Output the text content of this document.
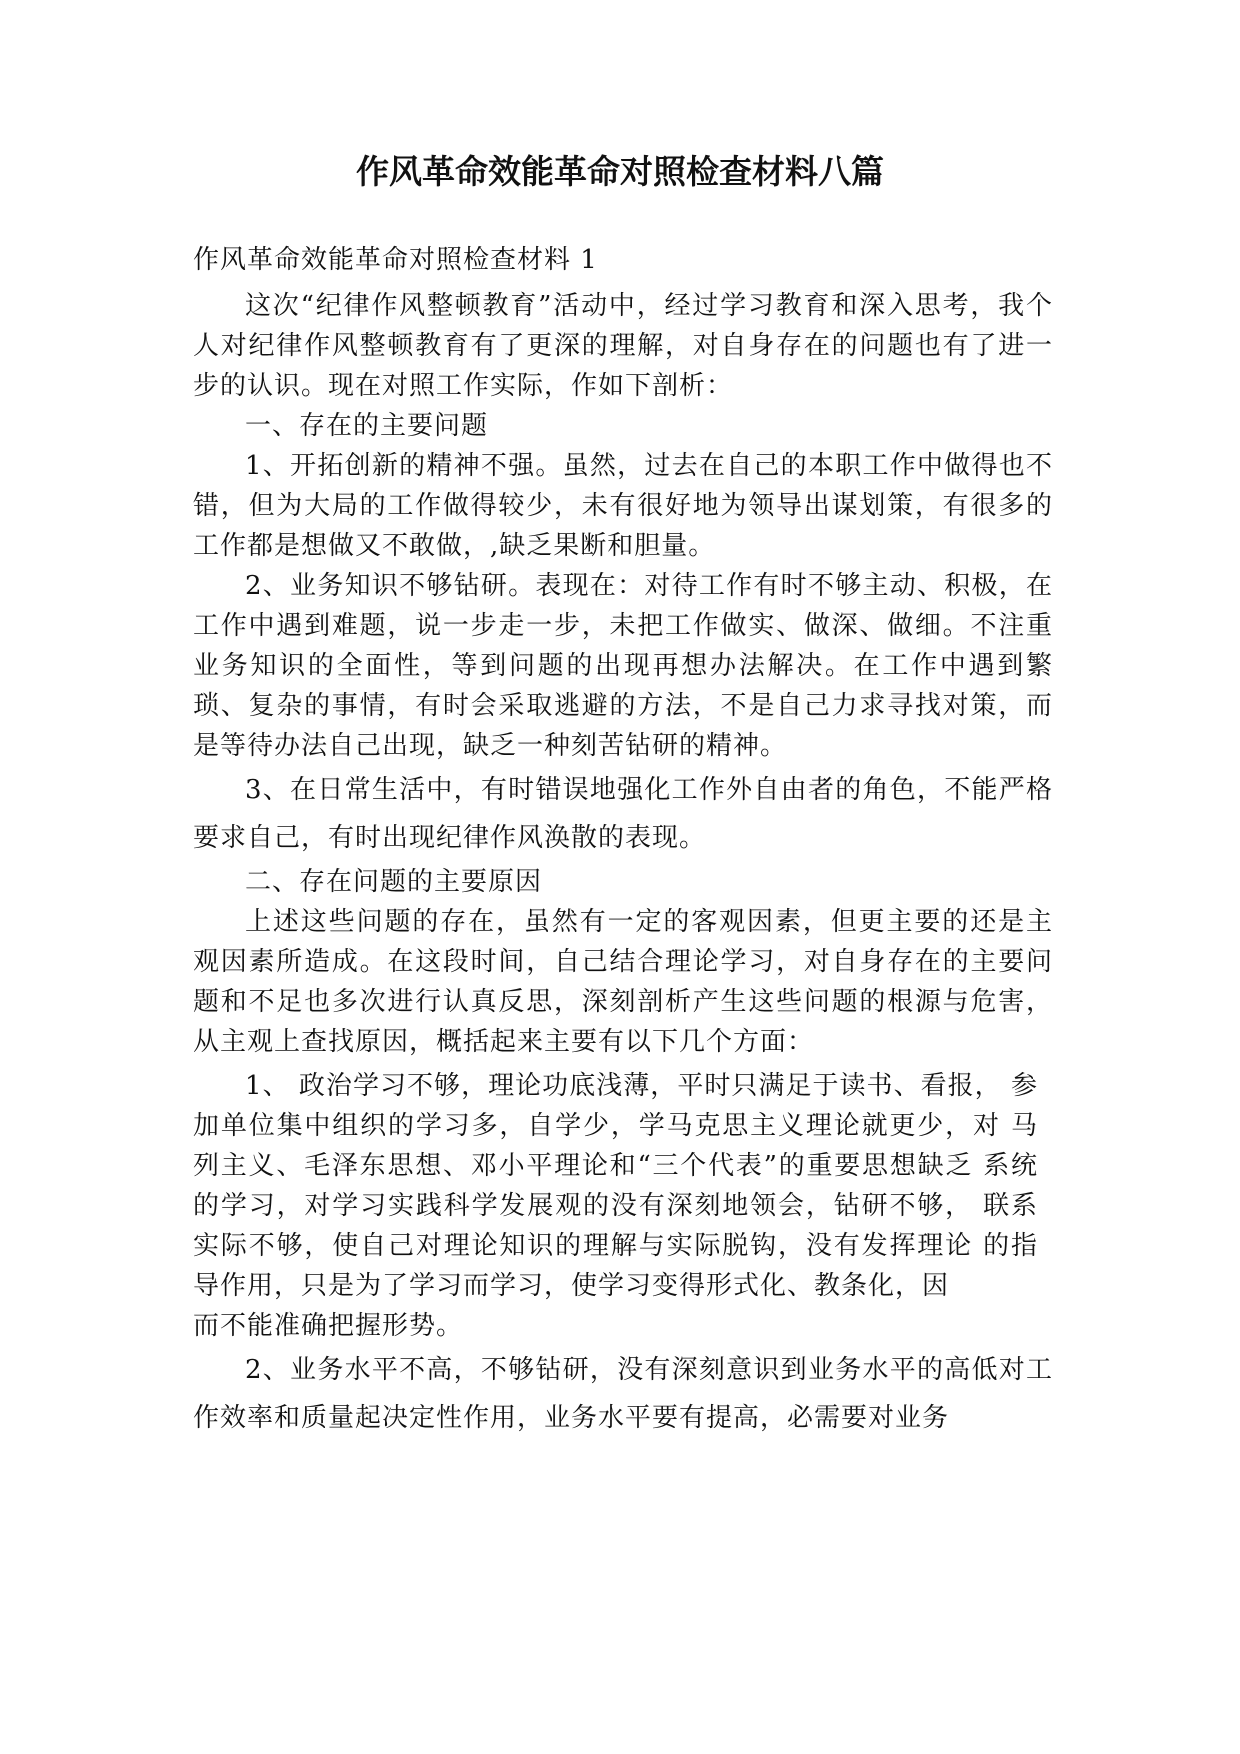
作风革命效能革命对照检查材料八篇

作风革命效能革命对照检查材料 1

这次“纪律作风整顿教育”活动中，经过学习教育和深入思考，我个人对纪律作风整顿教育有了更深的理解，对自身存在的问题也有了进一步的认识。现在对照工作实际，作如下剖析：

一、存在的主要问题

1、开拓创新的精神不强。虽然，过去在自己的本职工作中做得也不错，但为大局的工作做得较少，未有很好地为领导出谋划策，有很多的工作都是想做又不敢做，,缺乏果断和胆量。

2、业务知识不够钻研。表现在：对待工作有时不够主动、积极，在工作中遇到难题，说一步走一步，未把工作做实、做深、做细。不注重业务知识的全面性，等到问题的出现再想办法解决。在工作中遇到繁琐、复杂的事情，有时会采取逃避的方法，不是自己力求寻找对策，而是等待办法自己出现，缺乏一种刻苦钻研的精神。

3、在日常生活中，有时错误地强化工作外自由者的角色，不能严格要求自己，有时出现纪律作风涣散的表现。

二、存在问题的主要原因

上述这些问题的存在，虽然有一定的客观因素，但更主要的还是主观因素所造成。在这段时间，自己结合理论学习，对自身存在的主要问题和不足也多次进行认真反思，深刻剖析产生这些问题的根源与危害，从主观上查找原因，概括起来主要有以下几个方面：

1、 政治学习不够，理论功底浅薄，平时只满足于读书、看报， 参加单位集中组织的学习多，自学少，学马克思主义理论就更少，对 马列主义、毛泽东思想、邓小平理论和“三个代表”的重要思想缺乏 系统的学习，对学习实践科学发展观的没有深刻地领会，钻研不够， 联系实际不够，使自己对理论知识的理解与实际脱钩，没有发挥理论 的指导作用，只是为了学习而学习，使学习变得形式化、教条化，因

而不能准确把握形势。

2、业务水平不高，不够钻研，没有深刻意识到业务水平的高低对工作效率和质量起决定性作用，业务水平要有提高，必需要对业务
